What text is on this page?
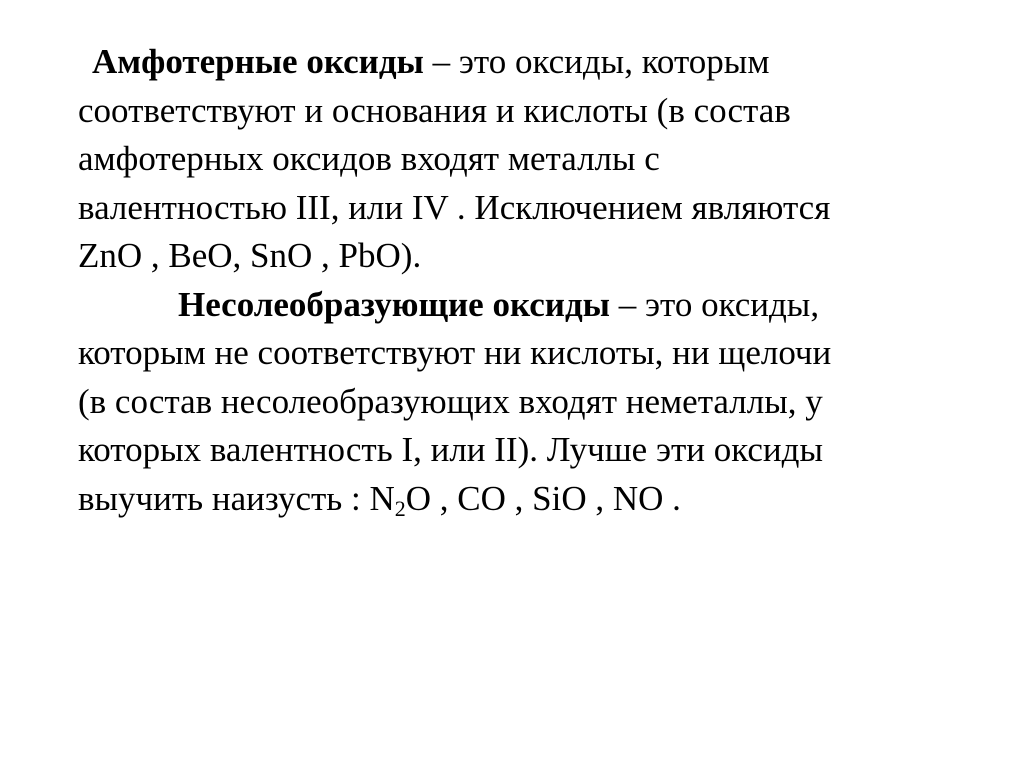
Амфотерные оксиды – это оксиды, которым
соответствуют и основания и кислоты (в состав
амфотерных оксидов входят металлы с
валентностью III, или IV . Исключением являются
ZnO , BeO, SnO , PbO).
Несолеобразующие оксиды – это оксиды,
которым не соответствуют ни кислоты, ни щелочи
(в состав несолеобразующих входят неметаллы, у
которых валентность I, или II). Лучше эти оксиды
выучить наизусть : $N_2O$ , CO , SiO , NO .
